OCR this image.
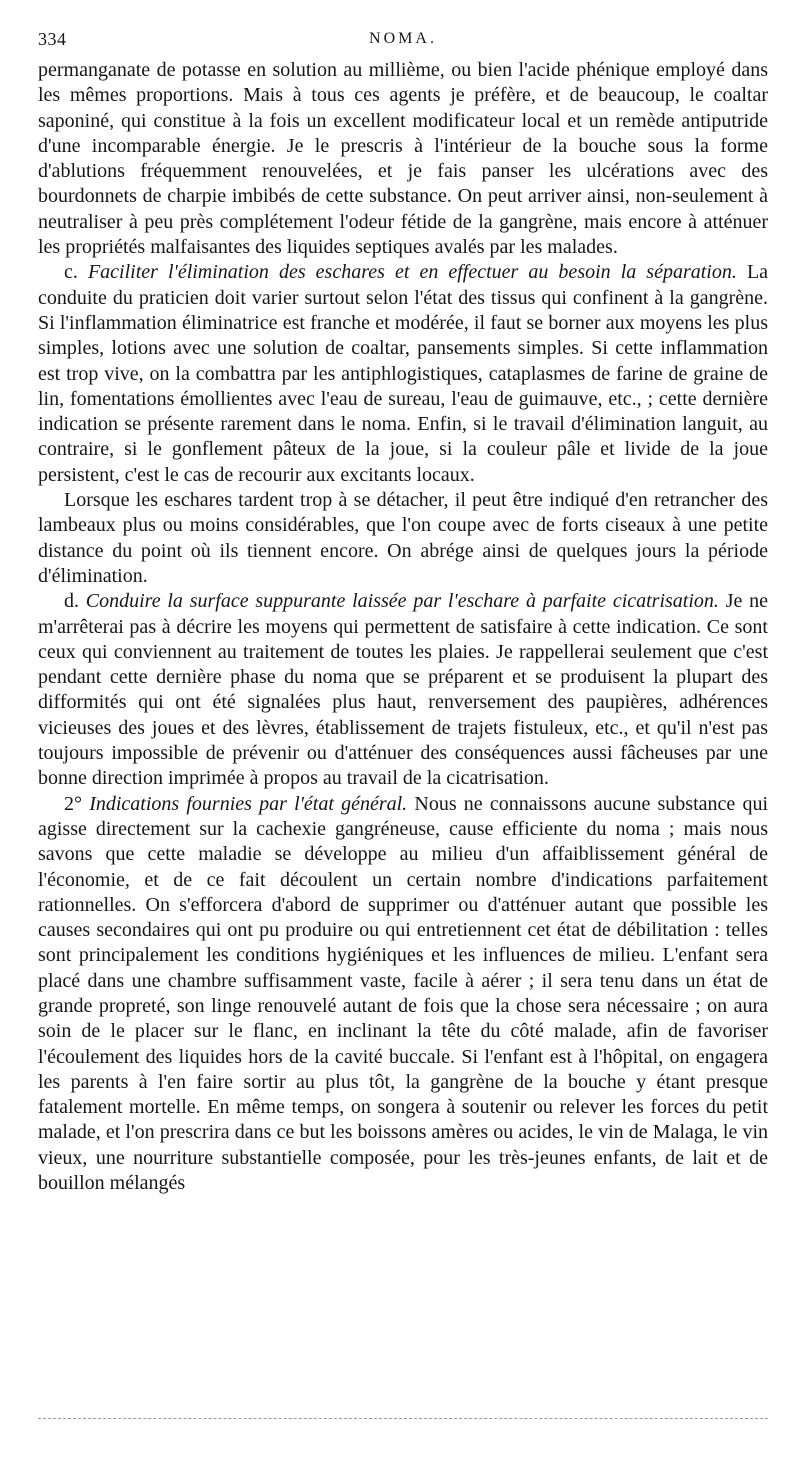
334	NOMA.

permanganate de potasse en solution au millième, ou bien l'acide phénique employé dans les mêmes proportions. Mais à tous ces agents je préfère, et de beaucoup, le coaltar saponiné, qui constitue à la fois un excellent modificateur local et un remède antiputride d'une incomparable énergie. Je le prescris à l'intérieur de la bouche sous la forme d'ablutions fréquemment renouvelées, et je fais panser les ulcérations avec des bourdonnets de charpie imbibés de cette substance. On peut arriver ainsi, non-seulement à neutraliser à peu près complétement l'odeur fétide de la gangrène, mais encore à atténuer les propriétés malfaisantes des liquides septiques avalés par les malades.

c. Faciliter l'élimination des eschares et en effectuer au besoin la séparation. La conduite du praticien doit varier surtout selon l'état des tissus qui confinent à la gangrène. Si l'inflammation éliminatrice est franche et modérée, il faut se borner aux moyens les plus simples, lotions avec une solution de coaltar, pansements simples. Si cette inflammation est trop vive, on la combattra par les antiphlogistiques, cataplasmes de farine de graine de lin, fomentations émollientes avec l'eau de sureau, l'eau de guimauve, etc., ; cette dernière indication se présente rarement dans le noma. Enfin, si le travail d'élimination languit, au contraire, si le gonflement pâteux de la joue, si la couleur pâle et livide de la joue persistent, c'est le cas de recourir aux excitants locaux.

Lorsque les eschares tardent trop à se détacher, il peut être indiqué d'en retrancher des lambeaux plus ou moins considérables, que l'on coupe avec de forts ciseaux à une petite distance du point où ils tiennent encore. On abrége ainsi de quelques jours la période d'élimination.

d. Conduire la surface suppurante laissée par l'eschare à parfaite cicatrisation. Je ne m'arrêterai pas à décrire les moyens qui permettent de satisfaire à cette indication. Ce sont ceux qui conviennent au traitement de toutes les plaies. Je rappellerai seulement que c'est pendant cette dernière phase du noma que se préparent et se produisent la plupart des difformités qui ont été signalées plus haut, renversement des paupières, adhérences vicieuses des joues et des lèvres, établissement de trajets fistuleux, etc., et qu'il n'est pas toujours impossible de prévenir ou d'atténuer des conséquences aussi fâcheuses par une bonne direction imprimée à propos au travail de la cicatrisation.

2° Indications fournies par l'état général. Nous ne connaissons aucune substance qui agisse directement sur la cachexie gangréneuse, cause efficiente du noma ; mais nous savons que cette maladie se développe au milieu d'un affaiblissement général de l'économie, et de ce fait découlent un certain nombre d'indications parfaitement rationnelles. On s'efforcera d'abord de supprimer ou d'atténuer autant que possible les causes secondaires qui ont pu produire ou qui entretiennent cet état de débilitation : telles sont principalement les conditions hygiéniques et les influences de milieu. L'enfant sera placé dans une chambre suffisamment vaste, facile à aérer ; il sera tenu dans un état de grande propreté, son linge renouvelé autant de fois que la chose sera nécessaire ; on aura soin de le placer sur le flanc, en inclinant la tête du côté malade, afin de favoriser l'écoulement des liquides hors de la cavité buccale. Si l'enfant est à l'hôpital, on engagera les parents à l'en faire sortir au plus tôt, la gangrène de la bouche y étant presque fatalement mortelle. En même temps, on songera à soutenir ou relever les forces du petit malade, et l'on prescrira dans ce but les boissons amères ou acides, le vin de Malaga, le vin vieux, une nourriture substantielle composée, pour les très-jeunes enfants, de lait et de bouillon mélangés
